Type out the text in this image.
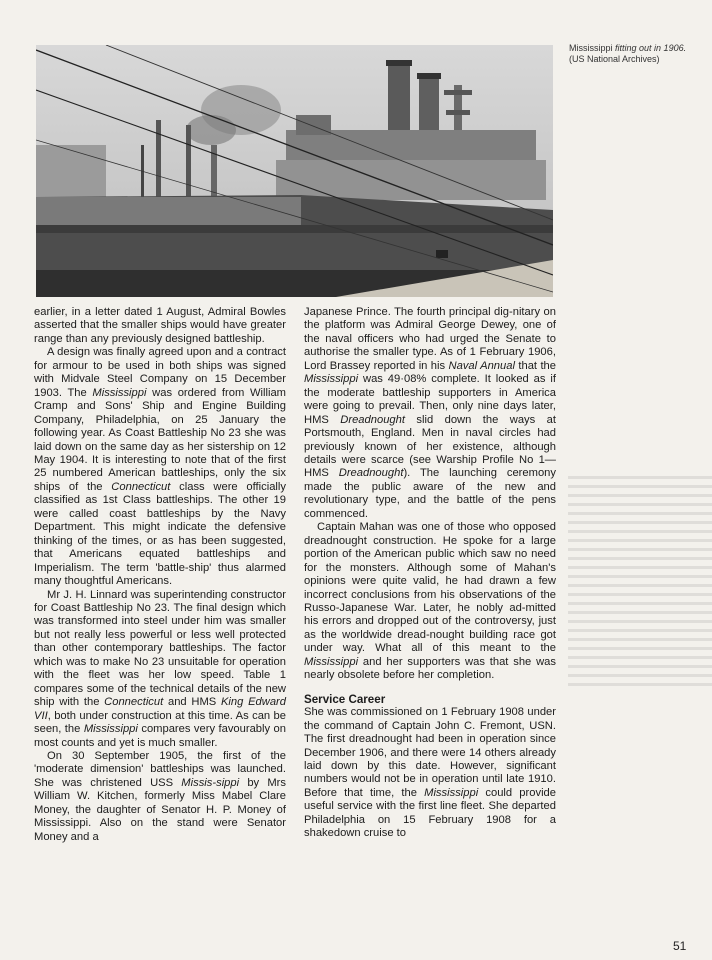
Mississippi fitting out in 1906.
(US National Archives)

earlier, in a letter dated 1 August, Admiral Bowles asserted that the smaller ships would have greater range than any previously designed battleship.

A design was finally agreed upon and a contract for armour to be used in both ships was signed with Midvale Steel Company on 15 December 1903. The Mississippi was ordered from William Cramp and Sons' Ship and Engine Building Company, Philadelphia, on 25 January the following year. As Coast Battleship No 23 she was laid down on the same day as her sistership on 12 May 1904. It is interesting to note that of the first 25 numbered American battleships, only the six ships of the Connecticut class were officially classified as 1st Class battleships. The other 19 were called coast battleships by the Navy Department. This might indicate the defensive thinking of the times, or as has been suggested, that Americans equated battleships and Imperialism. The term 'battle-ship' thus alarmed many thoughtful Americans.

Mr J. H. Linnard was superintending constructor for Coast Battleship No 23. The final design which was transformed into steel under him was smaller but not really less powerful or less well protected than other contemporary battleships. The factor which was to make No 23 unsuitable for operation with the fleet was her low speed. Table 1 compares some of the technical details of the new ship with the Connecticut and HMS King Edward VII, both under construction at this time. As can be seen, the Mississippi compares very favourably on most counts and yet is much smaller.

On 30 September 1905, the first of the 'moderate dimension' battleships was launched. She was christened USS Missis-sippi by Mrs William W. Kitchen, formerly Miss Mabel Clare Money, the daughter of Senator H. P. Money of Mississippi. Also on the stand were Senator Money and a

Japanese Prince. The fourth principal dig-nitary on the platform was Admiral George Dewey, one of the naval officers who had urged the Senate to authorise the smaller type. As of 1 February 1906, Lord Brassey reported in his Naval Annual that the Mississippi was 49·08% complete. It looked as if the moderate battleship supporters in America were going to prevail. Then, only nine days later, HMS Dreadnought slid down the ways at Portsmouth, England. Men in naval circles had previously known of her existence, although details were scarce (see Warship Profile No 1—HMS Dreadnought). The launching ceremony made the public aware of the new and revolutionary type, and the battle of the pens commenced.

Captain Mahan was one of those who opposed dreadnought construction. He spoke for a large portion of the American public which saw no need for the monsters. Although some of Mahan's opinions were quite valid, he had drawn a few incorrect conclusions from his observations of the Russo-Japanese War. Later, he nobly ad-mitted his errors and dropped out of the controversy, just as the worldwide dread-nought building race got under way. What all of this meant to the Mississippi and her supporters was that she was nearly obsolete before her completion.

Service Career

She was commissioned on 1 February 1908 under the command of Captain John C. Fremont, USN. The first dreadnought had been in operation since December 1906, and there were 14 others already laid down by this date. However, significant numbers would not be in operation until late 1910. Before that time, the Mississippi could provide useful service with the first line fleet. She departed Philadelphia on 15 February 1908 for a shakedown cruise to

51
